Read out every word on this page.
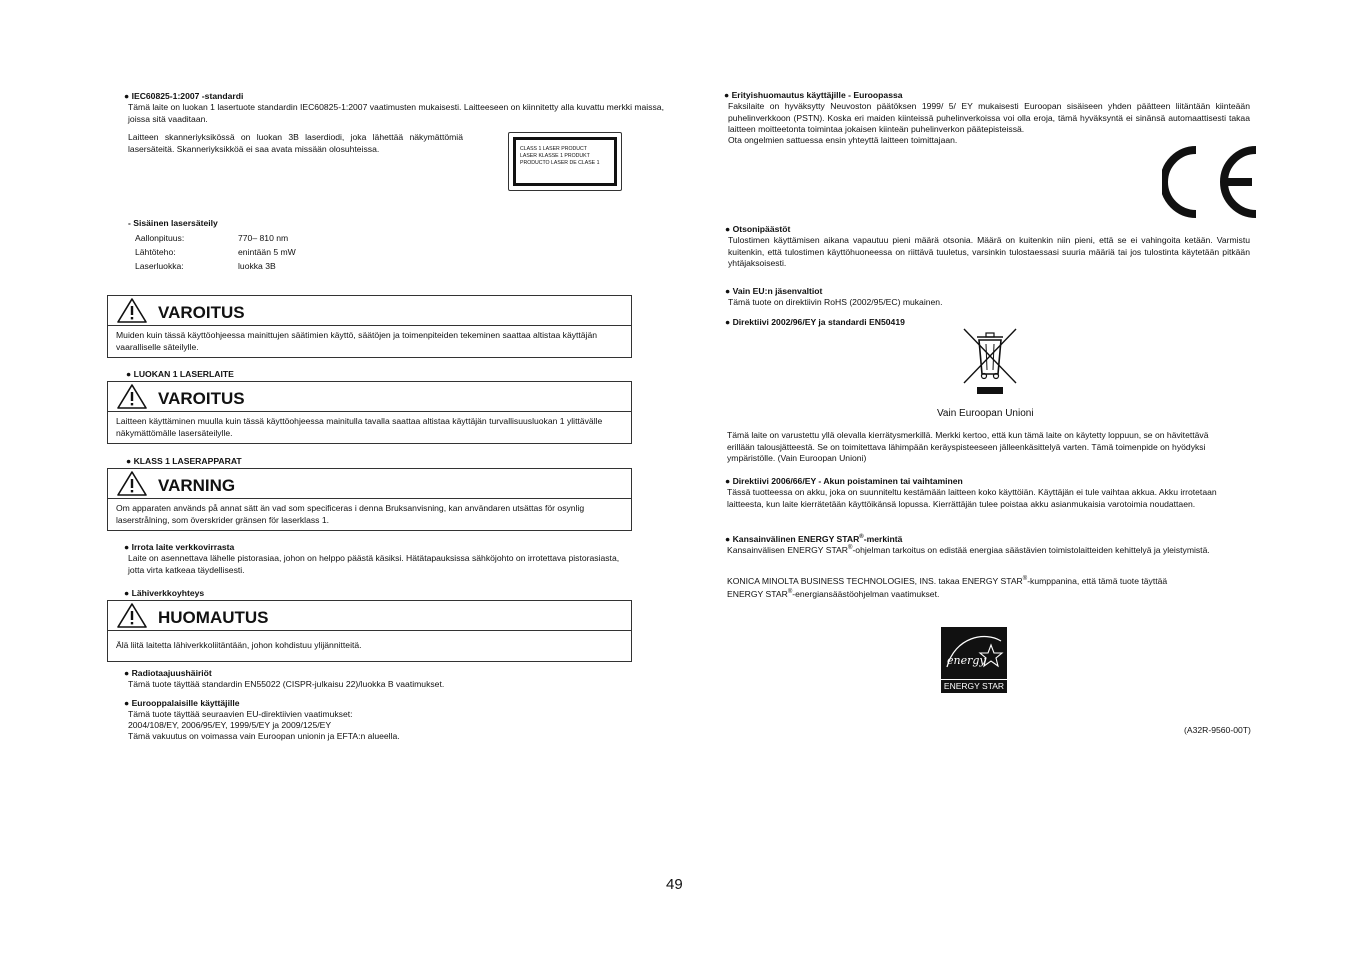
● IEC60825-1:2007 -standardi

Tämä laite on luokan 1 lasertuote standardin IEC60825-1:2007 vaatimusten mukaisesti. Laitteeseen on kiinnitetty alla kuvattu merkki maissa, joissa sitä vaaditaan.

Laitteen skanneriyksikössä on luokan 3B laserdiodi, joka lähettää näkymättömiä lasersäteitä. Skanneriyksikköä ei saa avata missään olosuhteissa.	CLASS 1 LASER PRODUCT
LASER KLASSE 1 PRODUKT
PRODUCTO LASER DE CLASE 1
- Sisäinen lasersäteily
Aallonpituus:	770– 810 nm
Lähtöteho:	enintään 5 mW
Laserluokka:	luokka 3B
VAROITUS
Muiden kuin tässä käyttöohjeessa mainittujen säätimien käyttö, säätöjen ja toimenpiteiden tekeminen saattaa altistaa käyttäjän vaaralliselle säteilylle.
● LUOKAN 1 LASERLAITE
VAROITUS
Laitteen käyttäminen muulla kuin tässä käyttöohjeessa mainitulla tavalla saattaa altistaa käyttäjän turvallisuusluokan 1 ylittävälle näkymättömälle lasersäteilylle.
● KLASS 1 LASERAPPARAT
VARNING
Om apparaten används på annat sätt än vad som specificeras i denna Bruksanvisning, kan användaren utsättas för osynlig laserstrålning, som överskrider gränsen för laserklass 1.
● Irrota laite verkkovirrasta

Laite on asennettava lähelle pistorasiaa, johon on helppo päästä käsiksi. Hätätapauksissa sähköjohto on irrotettava pistorasiasta, jotta virta katkeaa täydellisesti.

● Lähiverkkoyhteys
HUOMAUTUS
Älä liitä laitetta lähiverkkoliitäntään, johon kohdistuu ylijännitteitä.
● Radiotaajuushäiriöt
Tämä tuote täyttää standardin EN55022 (CISPR-julkaisu 22)/luokka B vaatimukset.
● Eurooppalaisille käyttäjille
Tämä tuote täyttää seuraavien EU-direktiivien vaatimukset:
2004/108/EY, 2006/95/EY, 1999/5/EY ja 2009/125/EY
Tämä vakuutus on voimassa vain Euroopan unionin ja EFTA:n alueella.
● Erityishuomautus käyttäjille - Euroopassa

Faksilaite on hyväksytty Neuvoston päätöksen 1999/ 5/ EY mukaisesti Euroopan sisäiseen yhden päätteen liitäntään kiinteään puhelinverkkoon (PSTN). Koska eri maiden kiinteissä puhelinverkoissa voi olla eroja, tämä hyväksyntä ei sinänsä automaattisesti takaa laitteen moitteetonta toimintaa jokaisen kiinteän puhelinverkon päätepisteissä.

Ota ongelmien sattuessa ensin yhteyttä laitteen toimittajaan.
● Otsonipäästöt

Tulostimen käyttämisen aikana vapautuu pieni määrä otsonia. Määrä on kuitenkin niin pieni, että se ei vahingoita ketään. Varmistu kuitenkin, että tulostimen käyttöhuoneessa on riittävä tuuletus, varsinkin tulostaessasi suuria määriä tai jos tulostinta käytetään pitkään yhtäjaksoisesti.

● Vain EU:n jäsenvaltiot
Tämä tuote on direktiivin RoHS (2002/95/EC) mukainen.
● Direktiivi 2002/96/EY ja standardi EN50419
Vain Euroopan Unioni

Tämä laite on varustettu yllä olevalla kierrätysmerkillä. Merkki kertoo, että kun tämä laite on käytetty loppuun, se on hävitettävä erillään talousjätteestä. Se on toimitettava lähimpään keräyspisteeseen jälleenkäsittelyä varten. Tämä toimenpide on hyödyksi ympäristölle. (Vain Euroopan Unioni)

● Direktiivi 2006/66/EY - Akun poistaminen tai vaihtaminen

Tässä tuotteessa on akku, joka on suunniteltu kestämään laitteen koko käyttöiän. Käyttäjän ei tule vaihtaa akkua. Akku irrotetaan laitteesta, kun laite kierrätetään käyttöikänsä lopussa. Kierrättäjän tulee poistaa akku asianmukaisia varotoimia noudattaen.

● Kansainvälinen ENERGY STAR®-merkintä

Kansainvälisen ENERGY STAR®-ohjelman tarkoitus on edistää energiaa säästävien toimistolaitteiden kehittelyä ja yleistymistä.

KONICA MINOLTA BUSINESS TECHNOLOGIES, INS. takaa ENERGY STAR®-kumppanina, että tämä tuote täyttää
ENERGY STAR®-energiansäästöohjelman vaatimukset.

energy
ENERGY STAR
(A32R-9560-00T)
49
